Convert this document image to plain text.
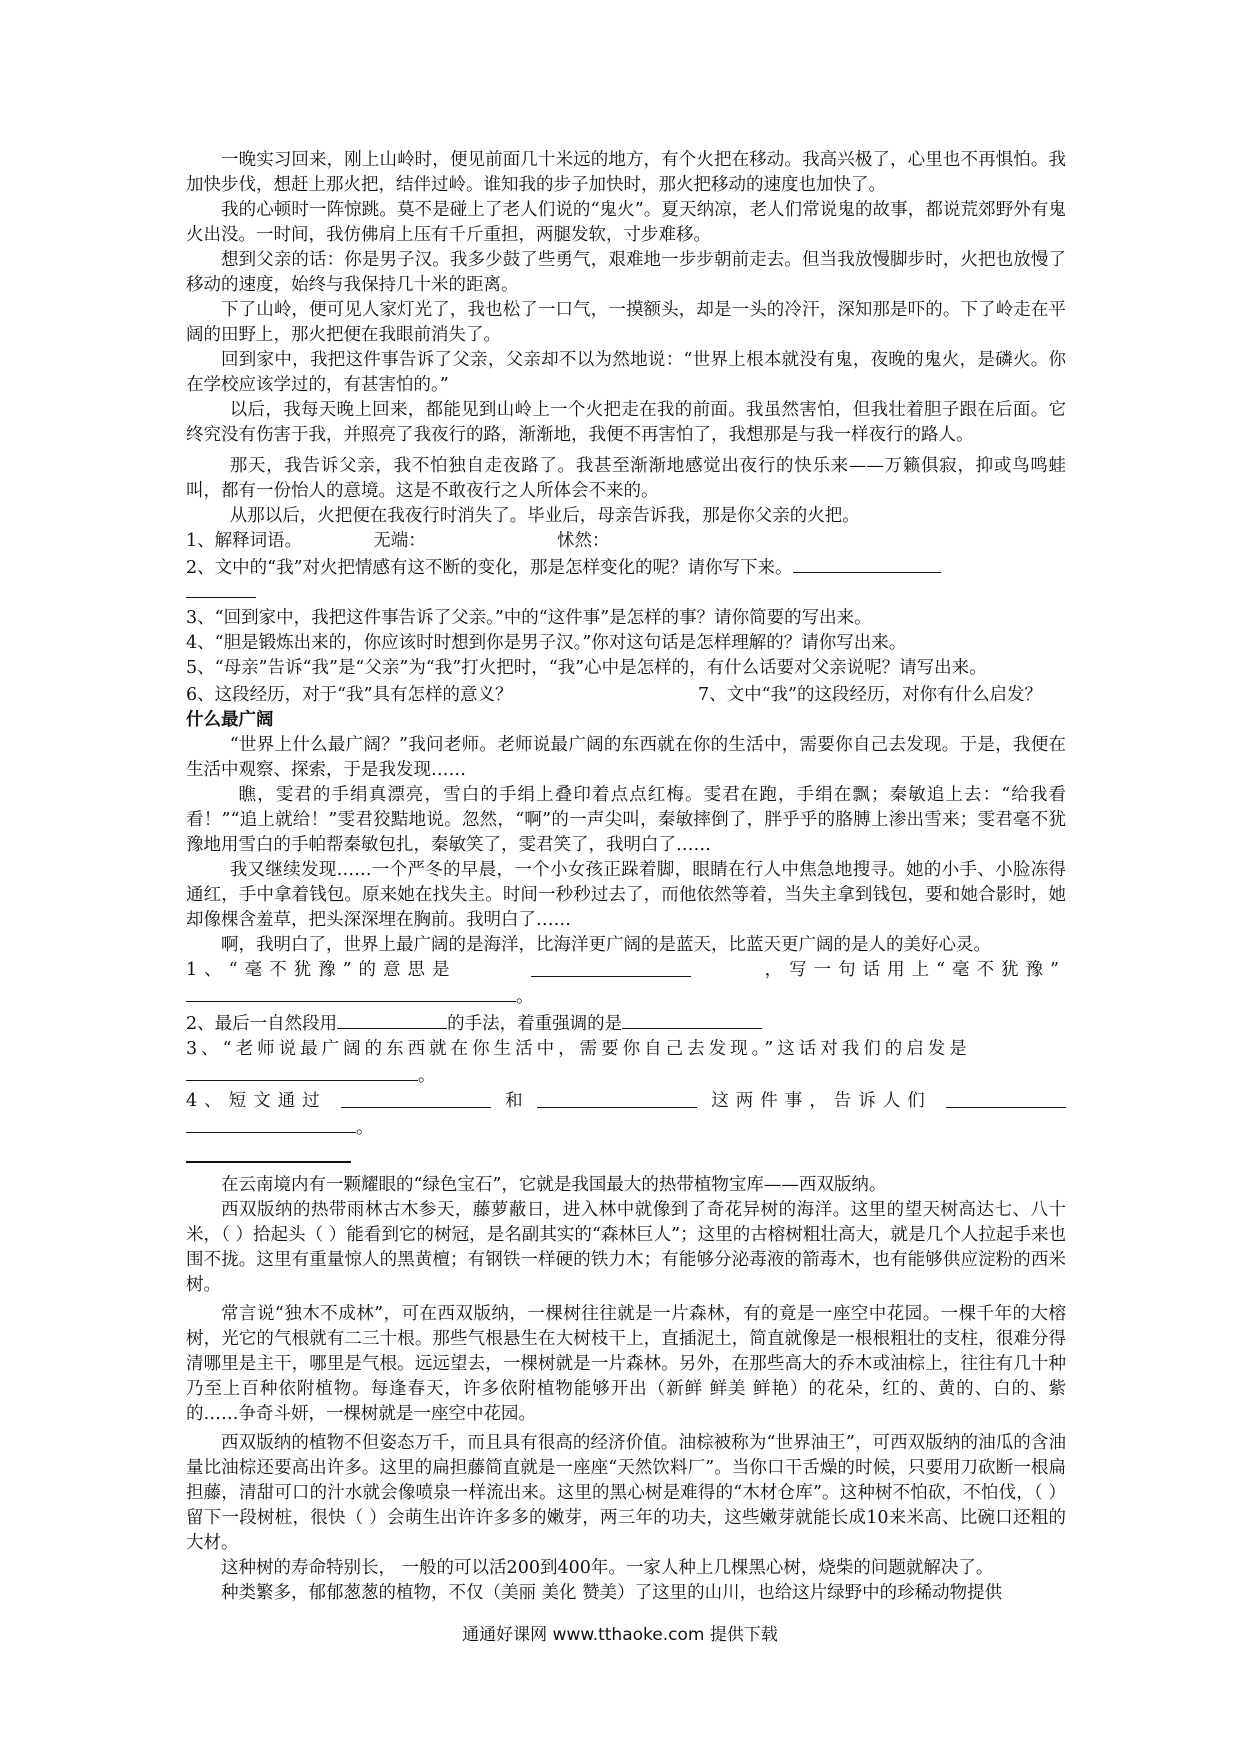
一晚实习回来，刚上山岭时，便见前面几十米远的地方，有个火把在移动。我高兴极了，心里也不再惧怕。我加快步伐，想赶上那火把，结伴过岭。谁知我的步子加快时，那火把移动的速度也加快了。

我的心顿时一阵惊跳。莫不是碰上了老人们说的“鬼火”。夏天纳凉，老人们常说鬼的故事，都说荒郊野外有鬼火出没。一时间，我仿佛肩上压有千斤重担，两腿发软，寸步难移。

想到父亲的话：你是男子汉。我多少鼓了些勇气，艰难地一步步朝前走去。但当我放慢脚步时，火把也放慢了移动的速度，始终与我保持几十米的距离。

下了山岭，便可见人家灯光了，我也松了一口气，一摸额头，却是一头的冷汗，深知那是吓的。下了岭走在平阔的田野上，那火把便在我眼前消失了。

回到家中，我把这件事告诉了父亲，父亲却不以为然地说：“世界上根本就没有鬼，夜晚的鬼火，是磷火。你在学校应该学过的，有甚害怕的。”

以后，我每天晚上回来，都能见到山岭上一个火把走在我的前面。我虽然害怕，但我壮着胆子跟在后面。它终究没有伤害于我，并照亮了我夜行的路，渐渐地，我便不再害怕了，我想那是与我一样夜行的路人。

那天，我告诉父亲，我不怕独自走夜路了。我甚至渐渐地感觉出夜行的快乐来——万籁俱寂，抑或鸟鸣蛙叫，都有一份怡人的意境。这是不敢夜行之人所体会不来的。

从那以后，火把便在我夜行时消失了。毕业后，母亲告诉我，那是你父亲的火把。

1、解释词语。	无端：	怵然：

2、文中的“我”对火把情感有这不断的变化，那是怎样变化的呢？请你写下来。

3、“回到家中，我把这件事告诉了父亲。”中的“这件事”是怎样的事？请你简要的写出来。

4、“胆是锻炼出来的，你应该时时想到你是男子汉。”你对这句话是怎样理解的？请你写出来。

5、“母亲”告诉“我”是“父亲”为“我”打火把时，“我”心中是怎样的，有什么话要对父亲说呢？请写出来。

6、这段经历，对于“我”具有怎样的意义？	7、文中“我”的这段经历，对你有什么启发？

什么最广阔

“世界上什么最广阔？”我问老师。老师说最广阔的东西就在你的生活中，需要你自己去发现。于是，我便在生活中观察、探索，于是我发现……

瞧，雯君的手绢真漂亮，雪白的手绢上叠印着点点红梅。雯君在跑，手绢在飘；秦敏追上去：“给我看看！”“追上就给！”雯君狡黠地说。忽然，“啊”的一声尖叫，秦敏摔倒了，胖乎乎的胳膊上渗出雪来；雯君毫不犹豫地用雪白的手帕帮秦敏包扎，秦敏笑了，雯君笑了，我明白了……

我又继续发现……一个严冬的早晨，一个小女孩正跺着脚，眼睛在行人中焦急地搜寻。她的小手、小脸冻得通红，手中拿着钱包。原来她在找失主。时间一秒秒过去了，而他依然等着，当失主拿到钱包，要和她合影时，她却像棵含羞草，把头深深埋在胸前。我明白了……

啊，我明白了，世界上最广阔的是海洋，比海洋更广阔的是蓝天，比蓝天更广阔的是人的美好心灵。

1、“毫不犹豫”的意思是	，写一句话用上“毫不犹豫”

。

2、最后一自然段用	的手法，着重强调的是

3、“老师说最广阔的东西就在你生活中，需要你自己去发现。”这话对我们的启发是

。

4、短文通过	和	这两件事，告诉人们

。

在云南境内有一颗耀眼的“绿色宝石”，它就是我国最大的热带植物宝库——西双版纳。

西双版纳的热带雨林古木参天，藤萝蔽日，进入林中就像到了奇花异树的海洋。这里的望天树高达七、八十米，（ ）拾起头（ ）能看到它的树冠，是名副其实的“森林巨人”；这里的古榕树粗壮高大，就是几个人拉起手来也围不拢。这里有重量惊人的黑黄檀；有钢铁一样硬的铁力木；有能够分泌毒液的箭毒木，也有能够供应淀粉的西米树。

常言说“独木不成林”，可在西双版纳，一棵树往往就是一片森林，有的竟是一座空中花园。一棵千年的大榕树，光它的气根就有二三十根。那些气根悬生在大树枝干上，直插泥土，简直就像是一根根粗壮的支柱，很难分得清哪里是主干，哪里是气根。远远望去，一棵树就是一片森林。另外，在那些高大的乔木或油棕上，往往有几十种乃至上百种依附植物。每逢春天，许多依附植物能够开出（新鲜 鲜美 鲜艳）的花朵，红的、黄的、白的、紫的……争奇斗妍，一棵树就是一座空中花园。

西双版纳的植物不但姿态万千，而且具有很高的经济价值。油棕被称为“世界油王”，可西双版纳的油瓜的含油量比油棕还要高出许多。这里的扁担藤简直就是一座座“天然饮料厂”。当你口干舌燥的时候，只要用刀砍断一根扁担藤，清甜可口的汁水就会像喷泉一样流出来。这里的黑心树是难得的“木材仓库”。这种树不怕砍，不怕伐，（ ）留下一段树桩，很快（ ）会萌生出许许多多的嫩芽，两三年的功夫，这些嫩芽就能长成10来米高、比碗口还粗的大材。

这种树的寿命特别长， 一般的可以活200到400年。一家人种上几棵黑心树，烧柴的问题就解决了。

种类繁多，郁郁葱葱的植物，不仅（美丽 美化 赞美）了这里的山川，也给这片绿野中的珍稀动物提供

通通好课网 www.tthaoke.com 提供下载
